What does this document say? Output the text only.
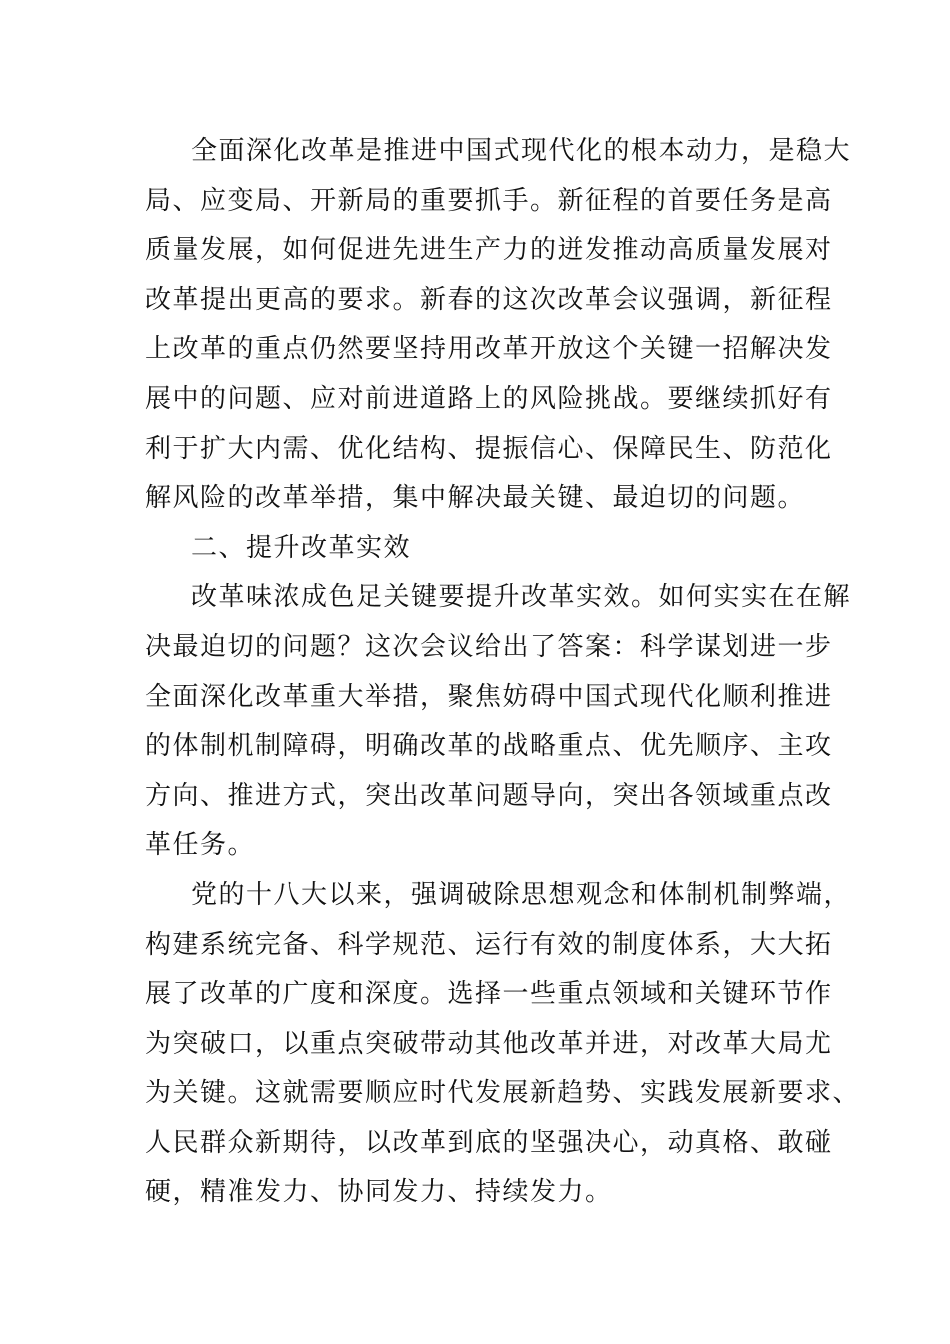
全面深化改革是推进中国式现代化的根本动力，是稳大
局、应变局、开新局的重要抓手。新征程的首要任务是高
质量发展，如何促进先进生产力的迸发推动高质量发展对
改革提出更高的要求。新春的这次改革会议强调，新征程
上改革的重点仍然要坚持用改革开放这个关键一招解决发
展中的问题、应对前进道路上的风险挑战。要继续抓好有
利于扩大内需、优化结构、提振信心、保障民生、防范化
解风险的改革举措，集中解决最关键、最迫切的问题。
二、提升改革实效
改革味浓成色足关键要提升改革实效。如何实实在在解
决最迫切的问题？这次会议给出了答案：科学谋划进一步
全面深化改革重大举措，聚焦妨碍中国式现代化顺利推进
的体制机制障碍，明确改革的战略重点、优先顺序、主攻
方向、推进方式，突出改革问题导向，突出各领域重点改
革任务。
党的十八大以来，强调破除思想观念和体制机制弊端，
构建系统完备、科学规范、运行有效的制度体系，大大拓
展了改革的广度和深度。选择一些重点领域和关键环节作
为突破口，以重点突破带动其他改革并进，对改革大局尤
为关键。这就需要顺应时代发展新趋势、实践发展新要求、
人民群众新期待，以改革到底的坚强决心，动真格、敢碰
硬，精准发力、协同发力、持续发力。
